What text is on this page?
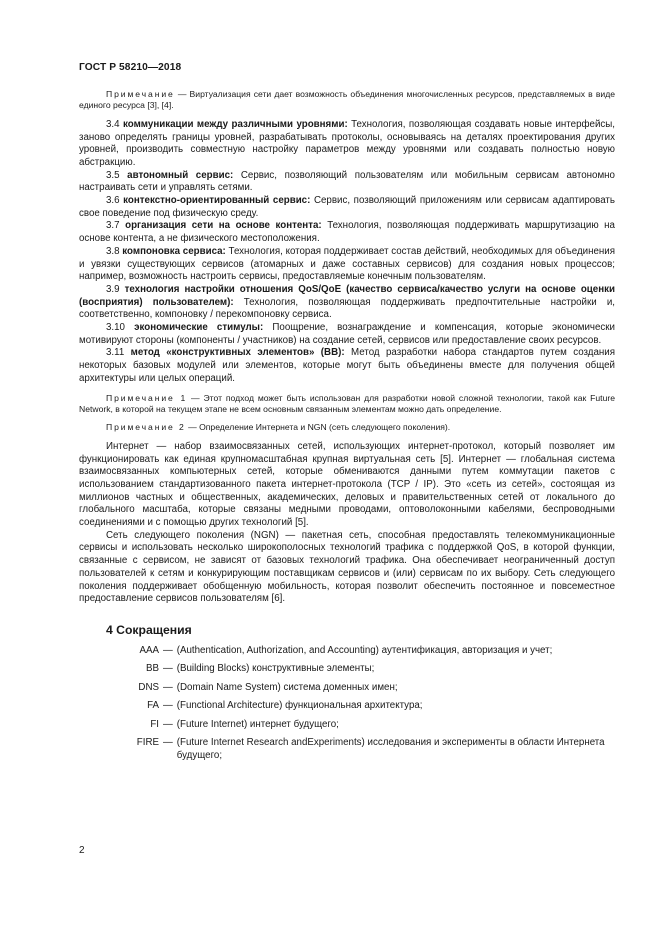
ГОСТ Р 58210—2018

Примечание — Виртуализация сети дает возможность объединения многочисленных ресурсов, представляемых в виде единого ресурса [3], [4].

3.4 коммуникации между различными уровнями: Технология, позволяющая создавать новые интерфейсы, заново определять границы уровней, разрабатывать протоколы, основываясь на деталях проектирования других уровней, производить совместную настройку параметров между уровнями или создавать полностью новую абстракцию.

3.5 автономный сервис: Сервис, позволяющий пользователям или мобильным сервисам автономно настраивать сети и управлять сетями.

3.6 контекстно-ориентированный сервис: Сервис, позволяющий приложениям или сервисам адаптировать свое поведение под физическую среду.

3.7 организация сети на основе контента: Технология, позволяющая поддерживать маршрутизацию на основе контента, а не физического местоположения.

3.8 компоновка сервиса: Технология, которая поддерживает состав действий, необходимых для объединения и увязки существующих сервисов (атомарных и даже составных сервисов) для создания новых процессов; например, возможность настроить сервисы, предоставляемые конечным пользователям.

3.9 технология настройки отношения QoS/QoE (качество сервиса/качество услуги на основе оценки (восприятия) пользователем): Технология, позволяющая поддерживать предпочтительные настройки и, соответственно, компоновку / перекомпоновку сервиса.

3.10 экономические стимулы: Поощрение, вознаграждение и компенсация, которые экономически мотивируют стороны (компоненты / участников) на создание сетей, сервисов или предоставление своих ресурсов.

3.11 метод «конструктивных элементов» (ВВ): Метод разработки набора стандартов путем создания некоторых базовых модулей или элементов, которые могут быть объединены вместе для получения общей архитектуры или целых операций.

Примечание 1 — Этот подход может быть использован для разработки новой сложной технологии, такой как Future Network, в которой на текущем этапе не всем основным связанным элементам можно дать определение.

Примечание 2 — Определение Интернета и NGN (сеть следующего поколения).

Интернет — набор взаимосвязанных сетей, использующих интернет-протокол, который позволяет им функционировать как единая крупномасштабная крупная виртуальная сеть [5]. Интернет — глобальная система взаимосвязанных компьютерных сетей, которые обмениваются данными путем коммутации пакетов с использованием стандартизованного пакета интернет-протокола (TCP / IP). Это «сеть из сетей», состоящая из миллионов частных и общественных, академических, деловых и правительственных сетей от локального до глобального масштаба, которые связаны медными проводами, оптоволоконными кабелями, беспроводными соединениями и с помощью других технологий [5].

Сеть следующего поколения (NGN) — пакетная сеть, способная предоставлять телекоммуникационные сервисы и использовать несколько широкополосных технологий трафика с поддержкой QoS, в которой функции, связанные с сервисом, не зависят от базовых технологий трафика. Она обеспечивает неограниченный доступ пользователей к сетям и конкурирующим поставщикам сервисов и (или) сервисам по их выбору. Сеть следующего поколения поддерживает обобщенную мобильность, которая позволит обеспечить постоянное и повсеместное предоставление сервисов пользователям [6].

4 Сокращения
AAA — (Authentication, Authorization, and Accounting) аутентификация, авторизация и учет;
BB — (Building Blocks) конструктивные элементы;
DNS — (Domain Name System) система доменных имен;
FA — (Functional Architecture) функциональная архитектура;
FI — (Future Internet) интернет будущего;
FIRE — (Future Internet Research andExperiments) исследования и эксперименты в области Интернета будущего;
2
